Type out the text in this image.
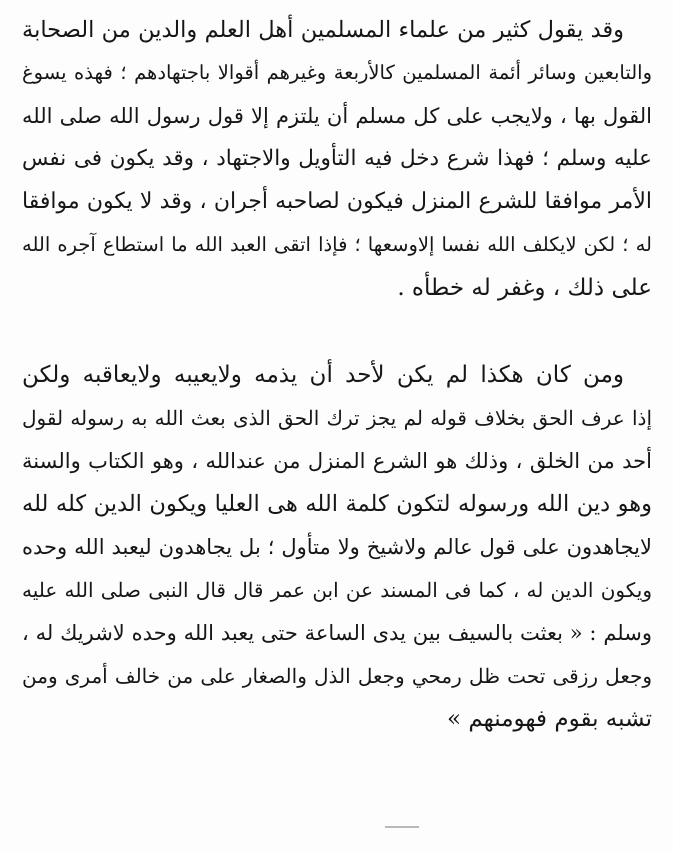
وقد يقول كثير من علماء المسلمين أهل العلم والدين من الصحابة
والتابعين وسائر أئمة المسلمين كالأربعة وغيرهم أقوالا باجتهادهم ؛ فهذه يسوغ
القول بها ، ولايجب على كل مسلم أن يلتزم إلا قول رسول الله صلى الله
عليه وسلم ؛ فهذا شرع دخل فيه التأويل والاجتهاد ، وقد يكون فى نفس
الأمر موافقا للشرع المنزل فيكون لصاحبه أجران ، وقد لا يكون موافقا
له ؛ لكن لايكلف الله نفسا إلاوسعها ؛ فإذا اتقى العبد الله ما استطاع آجره الله
على ذلك ، وغفر له خطأه .
ومن كان هكذا لم يكن لأحد أن يذمه ولايعيبه ولايعاقبه ولكن
إذا عرف الحق بخلاف قوله لم يجز ترك الحق الذى بعث الله به رسوله لقول
أحد من الخلق ، وذلك هو الشرع المنزل من عندالله ، وهو الكتاب والسنة
وهو دين الله ورسوله لتكون كلمة الله هى العليا ويكون الدين كله لله
لايجاهدون على قول عالم ولاشيخ ولا متأول ؛ بل يجاهدون ليعبد الله وحده
ويكون الدين له ، كما فى المسند عن ابن عمر قال قال النبى صلى الله عليه
وسلم : « بعثت بالسيف بين يدى الساعة حتى يعبد الله وحده لاشريك له ،
وجعل رزقى تحت ظل رمحي وجعل الذل والصغار على من خالف أمرى ومن
تشبه بقوم فهومنهم »
